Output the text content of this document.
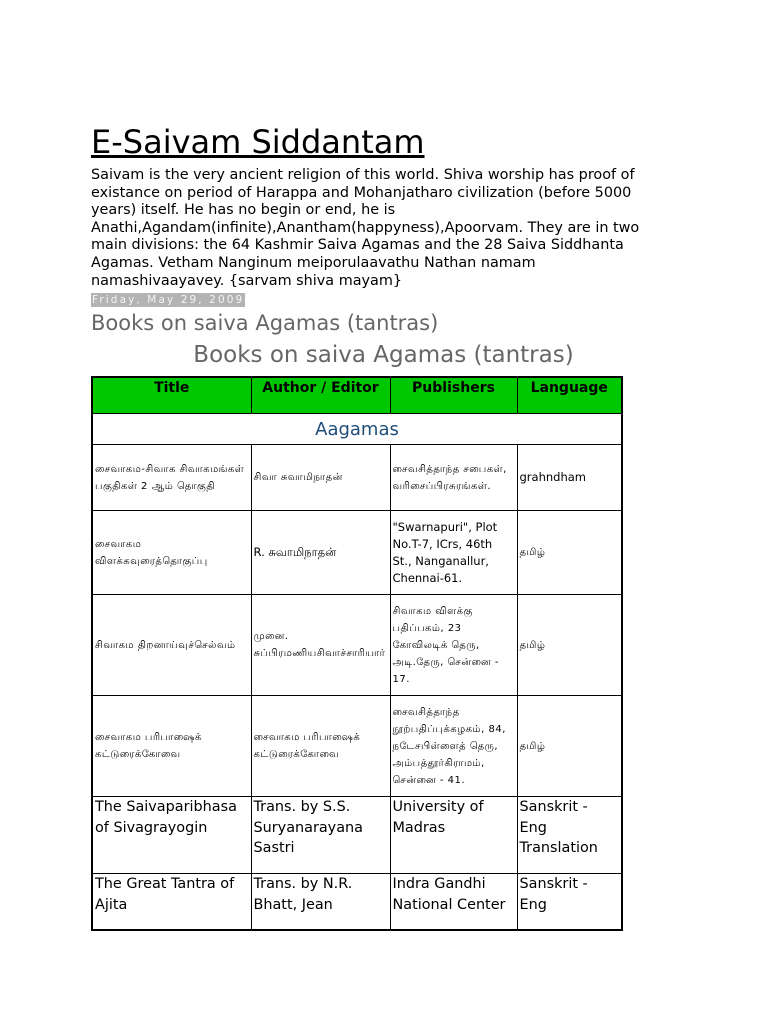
E-Saivam Siddantam

Saivam is the very ancient religion of this world. Shiva worship has proof of existance on period of Harappa and Mohanjatharo civilization (before 5000 years) itself. He has no begin or end, he is Anathi,Agandam(infinite),Anantham(happyness),Apoorvam. They are in two main divisions: the 64 Kashmir Saiva Agamas and the 28 Saiva Siddhanta Agamas. Vetham Nanginum meiporulaavathu Nathan namam namashivaayavey. {sarvam shiva mayam}

Friday, May 29, 2009
Books on saiva Agamas (tantras)
Books on saiva Agamas (tantras)
Title	Author / Editor	Publishers	Language
Aagamas			
சைவாகம-சிவாக சிவாகமங்கள் பகுதிகள் 2 ஆம் தொகுதி	சிவா சுவாமிநாதன்	சைவசித்தாந்த சபைகள், வரிசைப்பிரசுரங்கள்.	grahndham
சைவாகம விளக்கவுரைத்தொகுப்பு	R. சுவாமிநாதன்	"Swarnapuri", Plot No.T-7, ICrs, 46th St., Nanganallur, Chennai-61.	தமிழ்
சிவாகம திறனாய்வுச்செல்வம்	முனை. சுப்பிரமணியசிவாச்சாரியார்	சிவாகம விளக்கு பதிப்பகம், 23 கோவிலடிக் தெரு, அடி.தேரு, சென்னை - 17.	தமிழ்
சைவாகம பரிபாஷைக் கட்டுரைக்கோவை	சைவாகம பரிபாஷைக் கட்டுரைக்கோவை	சைவசித்தாந்த நூற்பதிப்புக்கழகம், 84, நடேசபிள்ளைத் தெரு, அம்பத்தூர்கிராமம், சென்னை - 41.	தமிழ்
The Saivaparibhasa of Sivagrayogin	Trans. by S.S. Suryanarayana Sastri	University of Madras	Sanskrit - Eng Translation
The Great Tantra of Ajita	Trans. by N.R. Bhatt, Jean	Indra Gandhi National Center	Sanskrit - Eng
